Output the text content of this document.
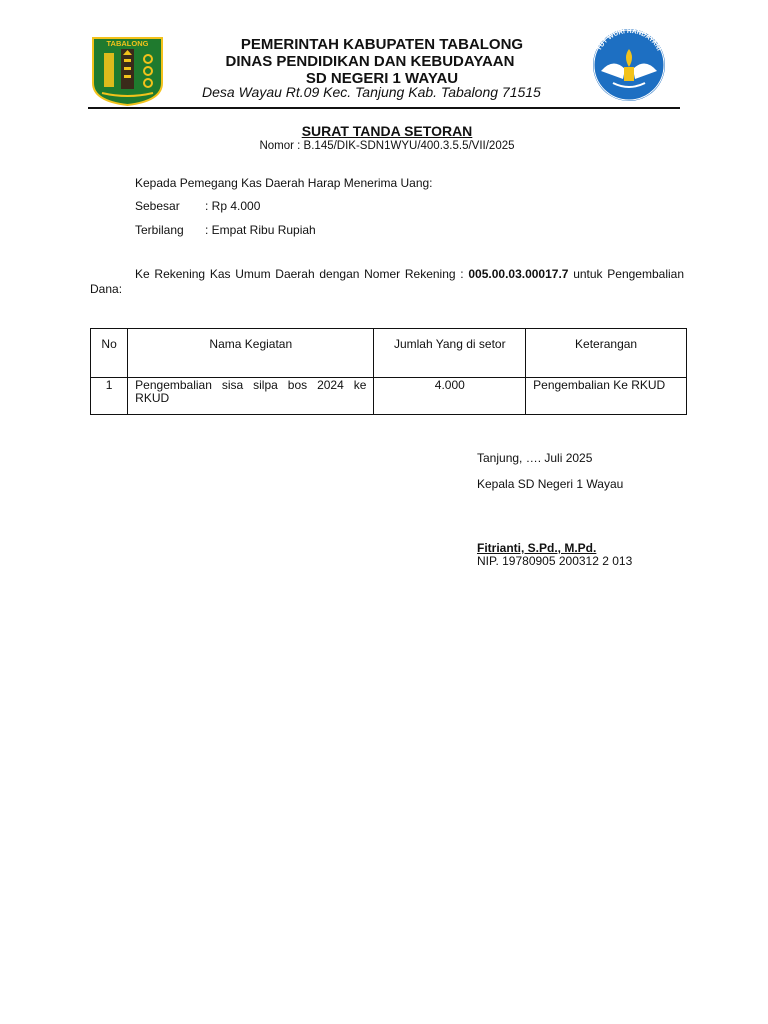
TABALONG	PEMERINTAH KABUPATEN TABALONG
DINAS PENDIDIKAN DAN KEBUDAYAAN
SD NEGERI 1 WAYAU
Desa Wayau Rt.09 Kec. Tanjung Kab. Tabalong 71515
TUT WURI HANDAYANI
SURAT TANDA SETORAN
Nomor : B.145/DIK-SDN1WYU/400.3.5.5/VII/2025
Kepada Pemegang Kas Daerah Harap Menerima Uang:
Sebesar : Rp 4.000
Terbilang : Empat Ribu Rupiah
Ke Rekening Kas Umum Daerah dengan Nomer Rekening : 005.00.03.00017.7 untuk Pengembalian Dana:
No	Nama Kegiatan	Jumlah Yang di setor	Keterangan
1	Pengembalian sisa silpa bos 2024 ke RKUD	4.000	Pengembalian Ke RKUD
Tanjung, …. Juli 2025
Kepala SD Negeri 1 Wayau
Fitrianti, S.Pd., M.Pd.
NIP. 19780905 200312 2 013
